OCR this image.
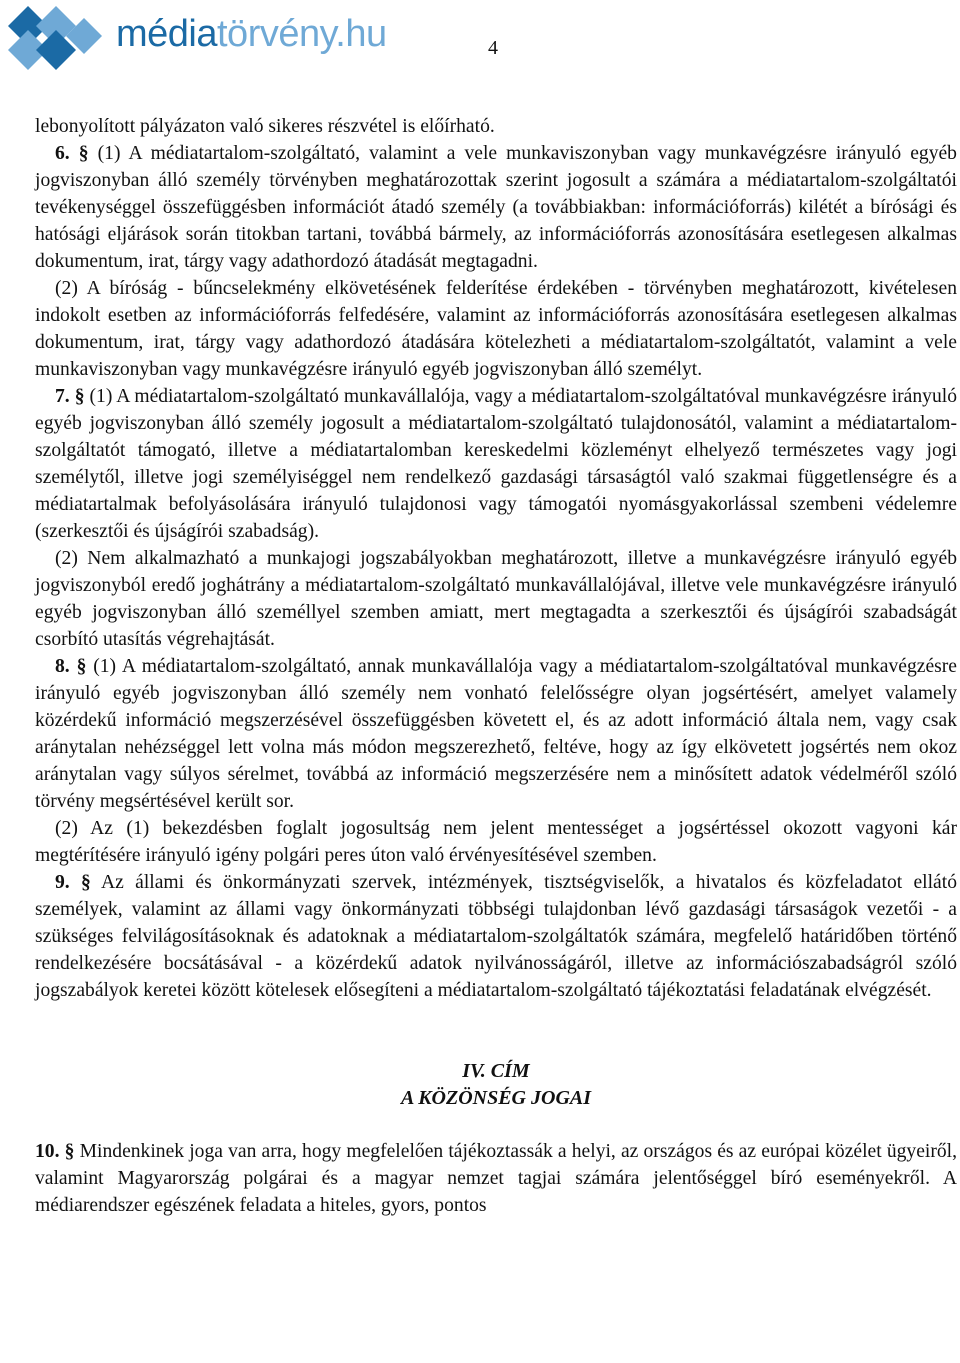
médiatörvény.hu	4

lebonyolított pályázaton való sikeres részvétel is előírható.

6. § (1) A médiatartalom-szolgáltató, valamint a vele munkaviszonyban vagy munkavégzésre irányuló egyéb jogviszonyban álló személy törvényben meghatározottak szerint jogosult a számára a médiatartalom-szolgáltatói tevékenységgel összefüggésben információt átadó személy (a továbbiakban: információforrás) kilétét a bírósági és hatósági eljárások során titokban tartani, továbbá bármely, az információforrás azonosítására esetlegesen alkalmas dokumentum, irat, tárgy vagy adathordozó átadását megtagadni.

(2) A bíróság - bűncselekmény elkövetésének felderítése érdekében - törvényben meghatározott, kivételesen indokolt esetben az információforrás felfedésére, valamint az információforrás azonosítására esetlegesen alkalmas dokumentum, irat, tárgy vagy adathordozó átadására kötelezheti a médiatartalom-szolgáltatót, valamint a vele munkaviszonyban vagy munkavégzésre irányuló egyéb jogviszonyban álló személyt.

7. § (1) A médiatartalom-szolgáltató munkavállalója, vagy a médiatartalom-szolgáltatóval munkavégzésre irányuló egyéb jogviszonyban álló személy jogosult a médiatartalom-szolgáltató tulajdonosától, valamint a médiatartalom-szolgáltatót támogató, illetve a médiatartalomban kereskedelmi közleményt elhelyező természetes vagy jogi személytől, illetve jogi személyiséggel nem rendelkező gazdasági társaságtól való szakmai függetlenségre és a médiatartalmak befolyásolására irányuló tulajdonosi vagy támogatói nyomásgyakorlással szembeni védelemre (szerkesztői és újságírói szabadság).

(2) Nem alkalmazható a munkajogi jogszabályokban meghatározott, illetve a munkavégzésre irányuló egyéb jogviszonyból eredő joghátrány a médiatartalom-szolgáltató munkavállalójával, illetve vele munkavégzésre irányuló egyéb jogviszonyban álló személlyel szemben amiatt, mert megtagadta a szerkesztői és újságírói szabadságát csorbító utasítás végrehajtását.

8. § (1) A médiatartalom-szolgáltató, annak munkavállalója vagy a médiatartalom-szolgáltatóval munkavégzésre irányuló egyéb jogviszonyban álló személy nem vonható felelősségre olyan jogsértésért, amelyet valamely közérdekű információ megszerzésével összefüggésben követett el, és az adott információ általa nem, vagy csak aránytalan nehézséggel lett volna más módon megszerezhető, feltéve, hogy az így elkövetett jogsértés nem okoz aránytalan vagy súlyos sérelmet, továbbá az információ megszerzésére nem a minősített adatok védelméről szóló törvény megsértésével került sor.

(2) Az (1) bekezdésben foglalt jogosultság nem jelent mentességet a jogsértéssel okozott vagyoni kár megtérítésére irányuló igény polgári peres úton való érvényesítésével szemben.

9. § Az állami és önkormányzati szervek, intézmények, tisztségviselők, a hivatalos és közfeladatot ellátó személyek, valamint az állami vagy önkormányzati többségi tulajdonban lévő gazdasági társaságok vezetői - a szükséges felvilágosításoknak és adatoknak a médiatartalom-szolgáltatók számára, megfelelő határidőben történő rendelkezésére bocsátásával - a közérdekű adatok nyilvánosságáról, illetve az információszabadságról szóló jogszabályok keretei között kötelesek elősegíteni a médiatartalom-szolgáltató tájékoztatási feladatának elvégzését.

IV. CÍM
A KÖZÖNSÉG JOGAI

10. § Mindenkinek joga van arra, hogy megfelelően tájékoztassák a helyi, az országos és az európai közélet ügyeiről, valamint Magyarország polgárai és a magyar nemzet tagjai számára jelentőséggel bíró eseményekről. A médiarendszer egészének feladata a hiteles, gyors, pontos
